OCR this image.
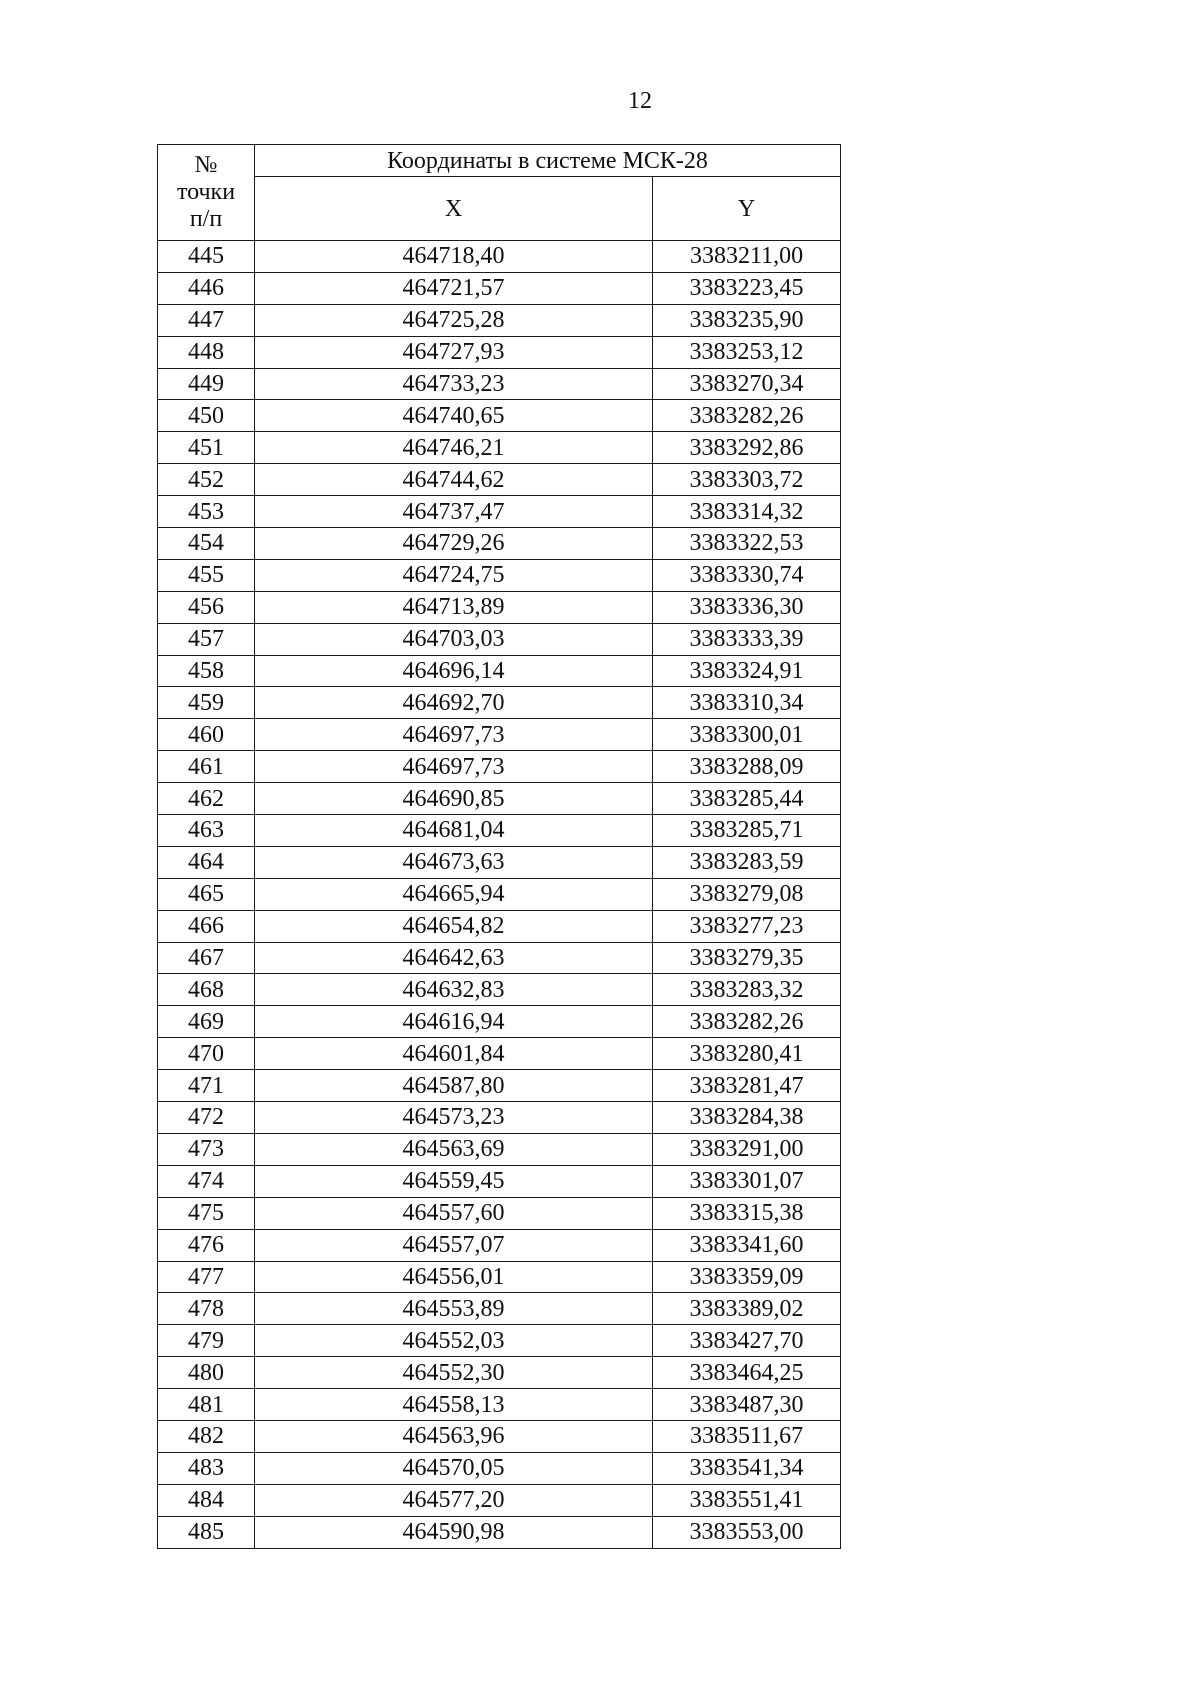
12
№
точки
п/п	Координаты в системе МСК-28	
	X	Y
445	464718,40	3383211,00
446	464721,57	3383223,45
447	464725,28	3383235,90
448	464727,93	3383253,12
449	464733,23	3383270,34
450	464740,65	3383282,26
451	464746,21	3383292,86
452	464744,62	3383303,72
453	464737,47	3383314,32
454	464729,26	3383322,53
455	464724,75	3383330,74
456	464713,89	3383336,30
457	464703,03	3383333,39
458	464696,14	3383324,91
459	464692,70	3383310,34
460	464697,73	3383300,01
461	464697,73	3383288,09
462	464690,85	3383285,44
463	464681,04	3383285,71
464	464673,63	3383283,59
465	464665,94	3383279,08
466	464654,82	3383277,23
467	464642,63	3383279,35
468	464632,83	3383283,32
469	464616,94	3383282,26
470	464601,84	3383280,41
471	464587,80	3383281,47
472	464573,23	3383284,38
473	464563,69	3383291,00
474	464559,45	3383301,07
475	464557,60	3383315,38
476	464557,07	3383341,60
477	464556,01	3383359,09
478	464553,89	3383389,02
479	464552,03	3383427,70
480	464552,30	3383464,25
481	464558,13	3383487,30
482	464563,96	3383511,67
483	464570,05	3383541,34
484	464577,20	3383551,41
485	464590,98	3383553,00
